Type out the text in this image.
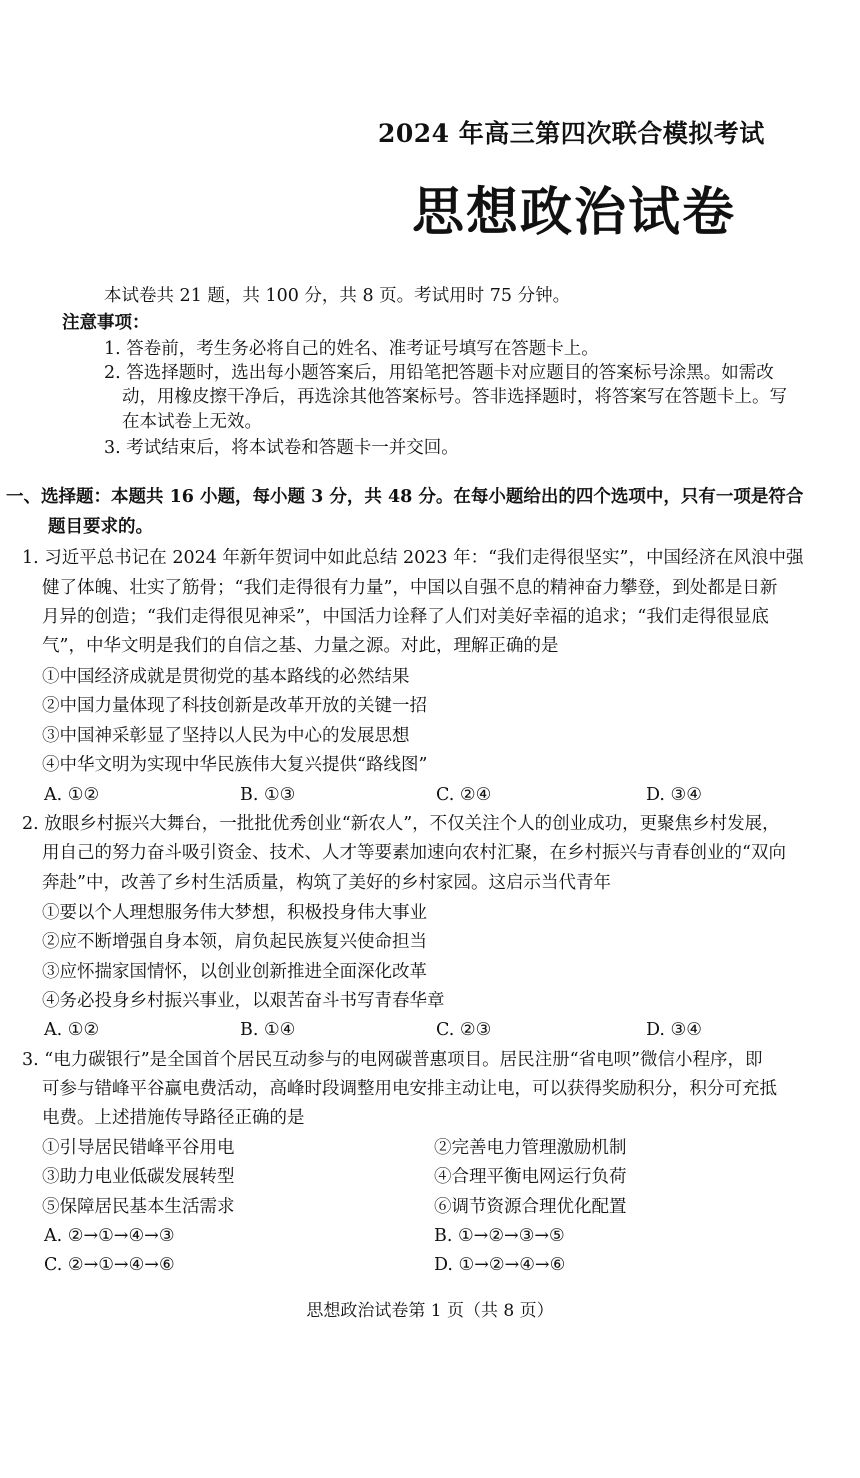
2024 年高三第四次联合模拟考试
思想政治试卷
本试卷共 21 题，共 100 分，共 8 页。考试用时 75 分钟。
注意事项：
1. 答卷前，考生务必将自己的姓名、准考证号填写在答题卡上。
2. 答选择题时，选出每小题答案后，用铅笔把答题卡对应题目的答案标号涂黑。如需改
动，用橡皮擦干净后，再选涂其他答案标号。答非选择题时，将答案写在答题卡上。写
在本试卷上无效。
3. 考试结束后，将本试卷和答题卡一并交回。
一、选择题：本题共 16 小题，每小题 3 分，共 48 分。在每小题给出的四个选项中，只有一项是符合
题目要求的。
1. 习近平总书记在 2024 年新年贺词中如此总结 2023 年：“我们走得很坚实”，中国经济在风浪中强
健了体魄、壮实了筋骨；“我们走得很有力量”，中国以自强不息的精神奋力攀登，到处都是日新
月异的创造；“我们走得很见神采”，中国活力诠释了人们对美好幸福的追求；“我们走得很显底
气”，中华文明是我们的自信之基、力量之源。对此，理解正确的是
①中国经济成就是贯彻党的基本路线的必然结果
②中国力量体现了科技创新是改革开放的关键一招
③中国神采彰显了坚持以人民为中心的发展思想
④中华文明为实现中华民族伟大复兴提供“路线图”
A. ①②	B. ①③	C. ②④	D. ③④
2. 放眼乡村振兴大舞台，一批批优秀创业“新农人”，不仅关注个人的创业成功，更聚焦乡村发展，
用自己的努力奋斗吸引资金、技术、人才等要素加速向农村汇聚，在乡村振兴与青春创业的“双向
奔赴”中，改善了乡村生活质量，构筑了美好的乡村家园。这启示当代青年
①要以个人理想服务伟大梦想，积极投身伟大事业
②应不断增强自身本领，肩负起民族复兴使命担当
③应怀揣家国情怀，以创业创新推进全面深化改革
④务必投身乡村振兴事业，以艰苦奋斗书写青春华章
A. ①②	B. ①④	C. ②③	D. ③④
3. “电力碳银行”是全国首个居民互动参与的电网碳普惠项目。居民注册“省电呗”微信小程序，即
可参与错峰平谷赢电费活动，高峰时段调整用电安排主动让电，可以获得奖励积分，积分可充抵
电费。上述措施传导路径正确的是
①引导居民错峰平谷用电	②完善电力管理激励机制
③助力电业低碳发展转型	④合理平衡电网运行负荷
⑤保障居民基本生活需求	⑥调节资源合理优化配置
A. ②→①→④→③	B. ①→②→③→⑤
C. ②→①→④→⑥	D. ①→②→④→⑥
思想政治试卷第 1 页（共 8 页）
